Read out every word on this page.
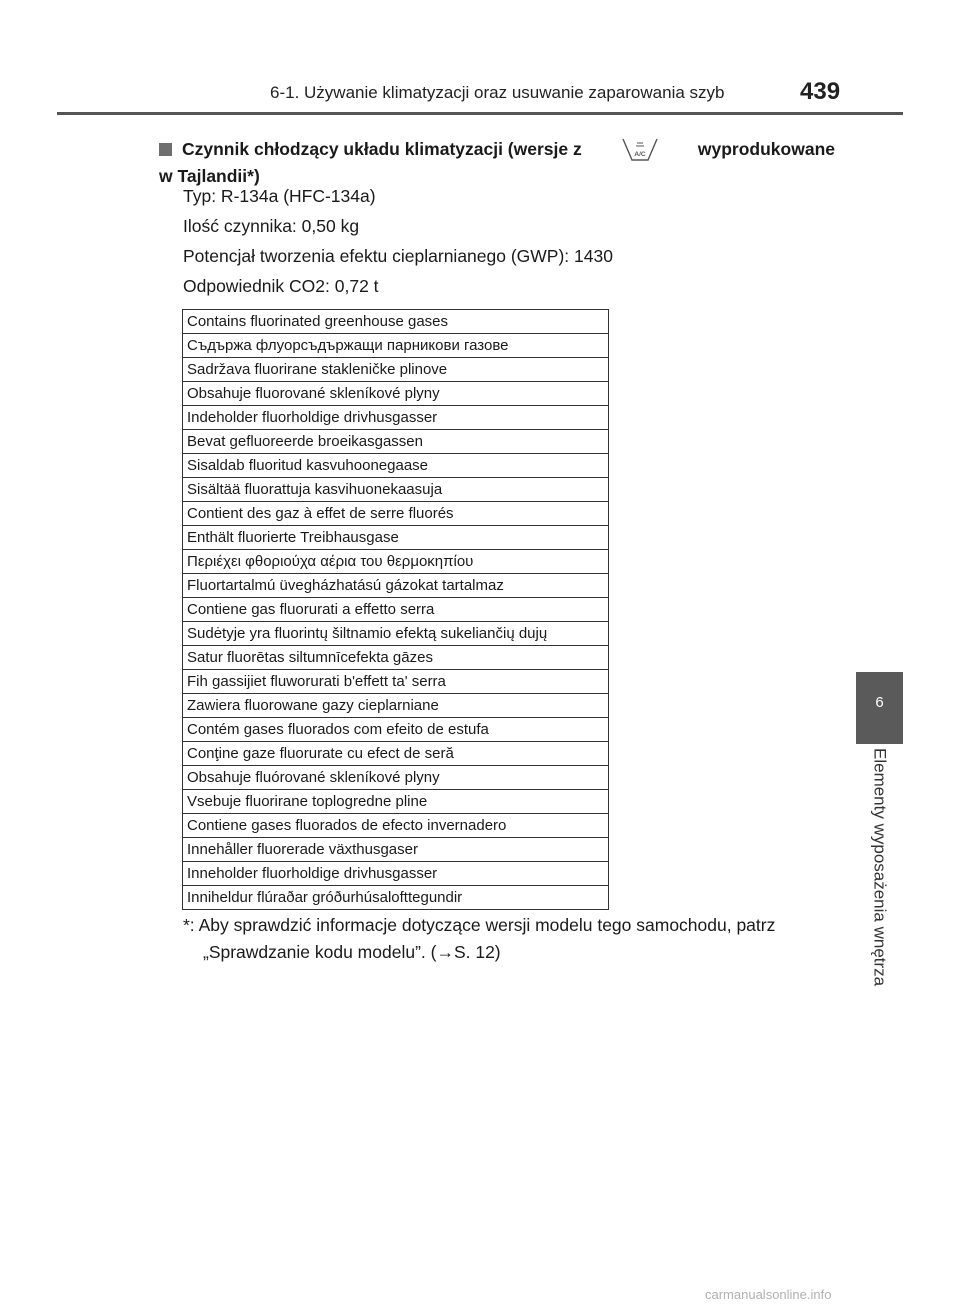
6-1. Używanie klimatyzacji oraz usuwanie zaparowania szyb	439
6
Elementy wyposażenia wnętrza
Czynnik chłodzący układu klimatyzacji (wersje z	A/C	wyprodukowane
w Tajlandii*)
Typ: R-134a (HFC-134a)
Ilość czynnika: 0,50 kg
Potencjał tworzenia efektu cieplarnianego (GWP): 1430
Odpowiednik CO2: 0,72 t
Contains fluorinated greenhouse gases
Съдържа флуорсъдържащи парникови газове
Sadržava fluorirane stakleničke plinove
Obsahuje fluorované skleníkové plyny
Indeholder fluorholdige drivhusgasser
Bevat gefluoreerde broeikasgassen
Sisaldab fluoritud kasvuhoonegaase
Sisältää fluorattuja kasvihuonekaasuja
Contient des gaz à effet de serre fluorés
Enthält fluorierte Treibhausgase
Περιέχει φθοριούχα αέρια του θερμοκηπίου
Fluortartalmú üvegházhatású gázokat tartalmaz
Contiene gas fluorurati a effetto serra
Sudėtyje yra fluorintų šiltnamio efektą sukeliančių dujų
Satur fluorētas siltumnīcefekta gāzes
Fih gassijiet fluworurati b'effett ta' serra
Zawiera fluorowane gazy cieplarniane
Contém gases fluorados com efeito de estufa
Conţine gaze fluorurate cu efect de seră
Obsahuje fluórované skleníkové plyny
Vsebuje fluorirane toplogredne pline
Contiene gases fluorados de efecto invernadero
Innehåller fluorerade växthusgaser
Inneholder fluorholdige drivhusgasser
Inniheldur flúraðar gróðurhúsalofttegundir
*: Aby sprawdzić informacje dotyczące wersji modelu tego samochodu, patrz
„Sprawdzanie kodu modelu”. (→S. 12)
carmanualsonline.info
